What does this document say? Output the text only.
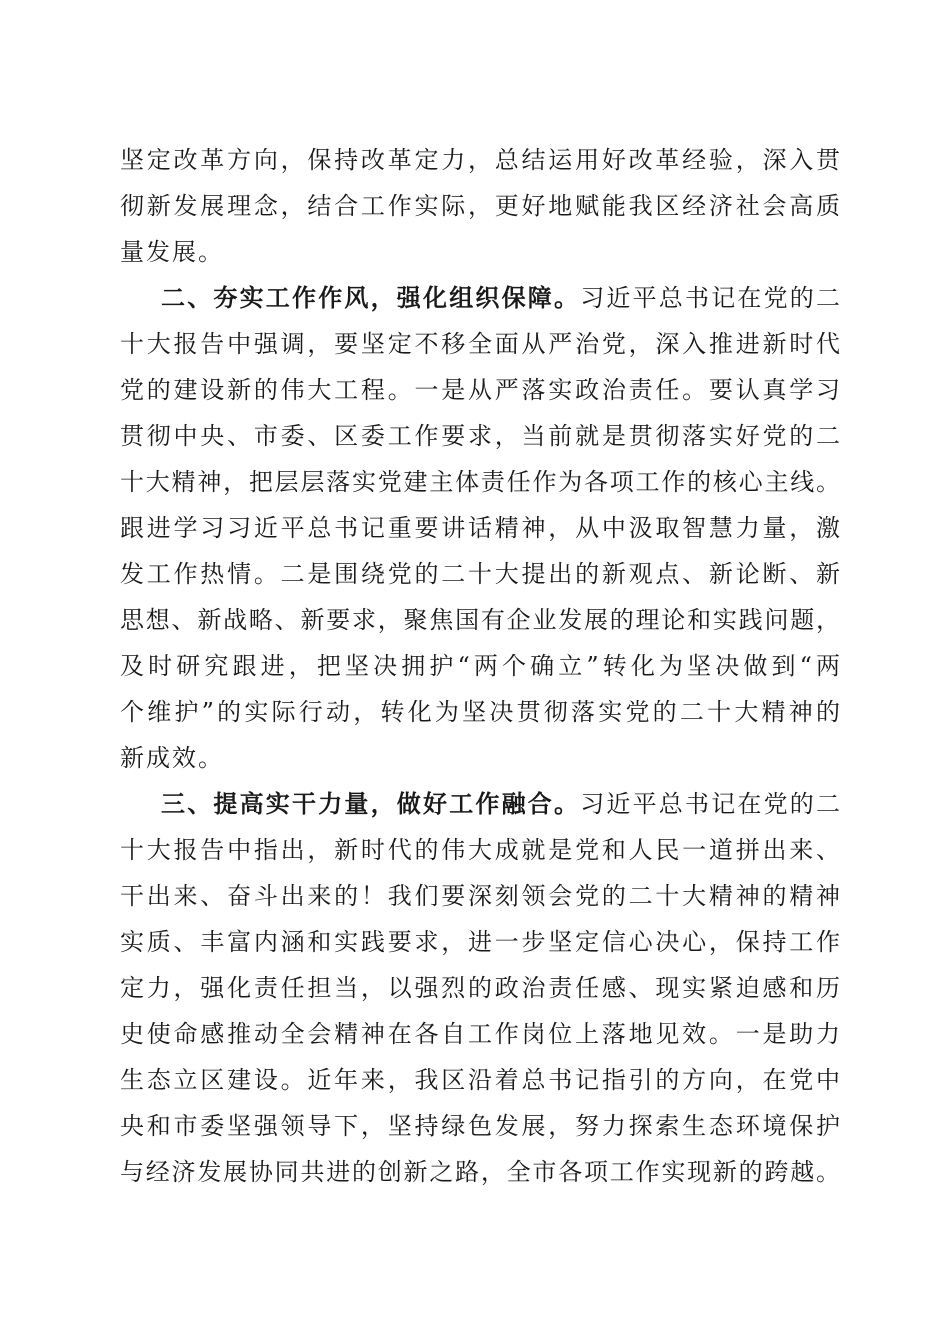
坚定改革方向，保持改革定力，总结运用好改革经验，深入贯
彻新发展理念，结合工作实际，更好地赋能我区经济社会高质
量发展。
二、夯实工作作风，强化组织保障。习近平总书记在党的二
十大报告中强调，要坚定不移全面从严治党，深入推进新时代
党的建设新的伟大工程。一是从严落实政治责任。要认真学习
贯彻中央、市委、区委工作要求，当前就是贯彻落实好党的二
十大精神，把层层落实党建主体责任作为各项工作的核心主线。
跟进学习习近平总书记重要讲话精神，从中汲取智慧力量，激
发工作热情。二是围绕党的二十大提出的新观点、新论断、新
思想、新战略、新要求，聚焦国有企业发展的理论和实践问题，
及时研究跟进，把坚决拥护“两个确立”转化为坚决做到“两
个维护”的实际行动，转化为坚决贯彻落实党的二十大精神的
新成效。
三、提高实干力量，做好工作融合。习近平总书记在党的二
十大报告中指出，新时代的伟大成就是党和人民一道拼出来、
干出来、奋斗出来的！我们要深刻领会党的二十大精神的精神
实质、丰富内涵和实践要求，进一步坚定信心决心，保持工作
定力，强化责任担当，以强烈的政治责任感、现实紧迫感和历
史使命感推动全会精神在各自工作岗位上落地见效。一是助力
生态立区建设。近年来，我区沿着总书记指引的方向，在党中
央和市委坚强领导下，坚持绿色发展，努力探索生态环境保护
与经济发展协同共进的创新之路，全市各项工作实现新的跨越。
